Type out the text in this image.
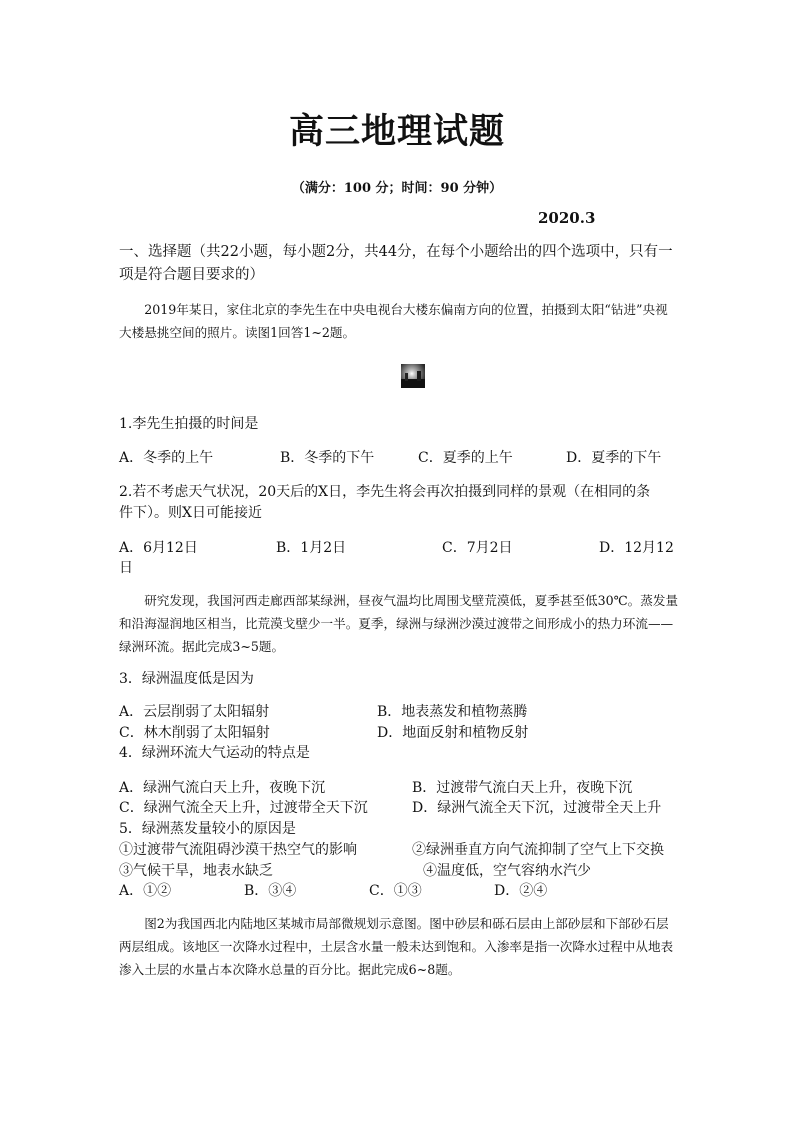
高三地理试题
（满分：100 分；时间：90 分钟）
2020.3
一、选择题（共22小题，每小题2分，共44分，在每个小题给出的四个选项中，只有一项是符合题目要求的）
2019年某日，家住北京的李先生在中央电视台大楼东偏南方向的位置，拍摄到太阳“钻进”央视大楼悬挑空间的照片。读图1回答1~2题。
1.李先生拍摄的时间是
A．冬季的上午	B．冬季的下午	C．夏季的上午	D．夏季的下午
2.若不考虑天气状况，20天后的X日，李先生将会再次拍摄到同样的景观（在相同的条
件下）。则X日可能接近
A．6月12日	B．1月2日	C．7月2日	D．12月12
日
研究发现，我国河西走廊西部某绿洲，昼夜气温均比周围戈壁荒漠低，夏季甚至低30℃。蒸发量和沿海湿润地区相当，比荒漠戈壁少一半。夏季，绿洲与绿洲沙漠过渡带之间形成小的热力环流——绿洲环流。据此完成3~5题。
3．绿洲温度低是因为
A．云层削弱了太阳辐射	B．地表蒸发和植物蒸腾
C．林木削弱了太阳辐射	D．地面反射和植物反射
4．绿洲环流大气运动的特点是
A．绿洲气流白天上升，夜晚下沉	B．过渡带气流白天上升，夜晚下沉
C．绿洲气流全天上升，过渡带全天下沉	D．绿洲气流全天下沉，过渡带全天上升
5．绿洲蒸发量较小的原因是
①过渡带气流阻碍沙漠干热空气的影响	②绿洲垂直方向气流抑制了空气上下交换
③气候干旱，地表水缺乏	④温度低，空气容纳水汽少
A．①②	B．③④	C．①③	D．②④
图2为我国西北内陆地区某城市局部微规划示意图。图中砂层和砾石层由上部砂层和下部砂石层两层组成。该地区一次降水过程中，土层含水量一般未达到饱和。入渗率是指一次降水过程中从地表渗入土层的水量占本次降水总量的百分比。据此完成6~8题。
